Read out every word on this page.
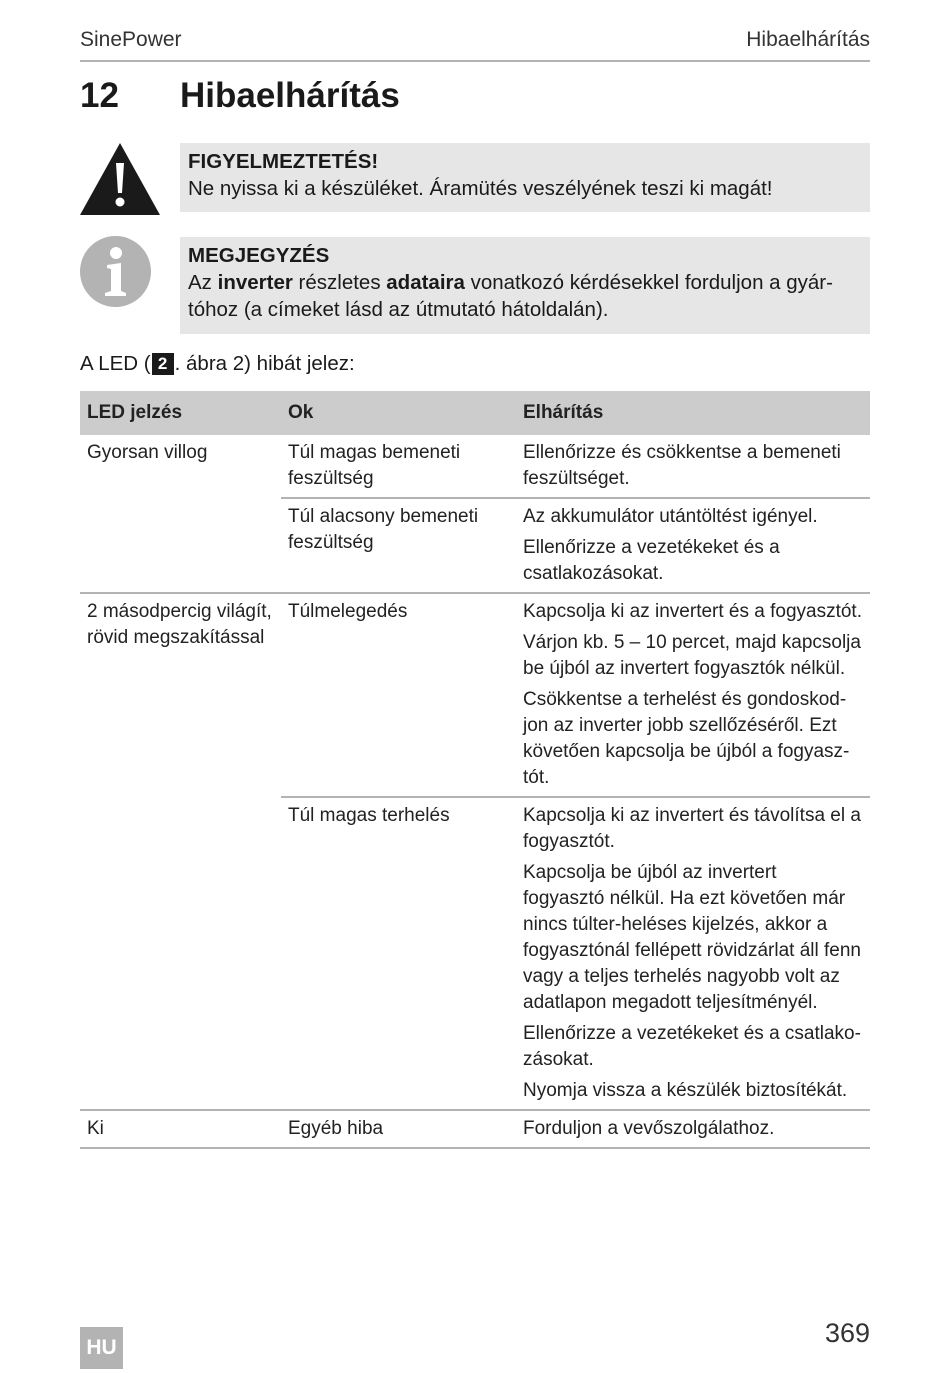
SinePower	Hibaelhárítás
12 Hibaelhárítás
FIGYELMEZTETÉS!
Ne nyissa ki a készüléket. Áramütés veszélyének teszi ki magát!
MEGJEGYZÉS
Az inverter részletes adataira vonatkozó kérdésekkel forduljon a gyár-tóhoz (a címeket lásd az útmutató hátoldalán).
A LED ( 2 . ábra 2) hibát jelez:
LED jelzés	Ok	Elhárítás
Gyorsan villog	Túl magas bemeneti feszültség	Ellenőrizze és csökkentse a bemeneti feszültséget.

	Túl alacsony bemeneti feszültség	Az akkumulátor utántöltést igényel.

Ellenőrizze a vezetékeket és a csatlakozásokat.

2 másodpercig világít, rövid megszakítással	Túlmelegedés	Kapcsolja ki az invertert és a fogyasztót.

Várjon kb. 5 – 10 percet, majd kapcsolja be újból az invertert fogyasztók nélkül.

Csökkentse a terhelést és gondoskod-jon az inverter jobb szellőzéséről. Ezt követően kapcsolja be újból a fogyasz-tót.

	Túl magas terhelés	Kapcsolja ki az invertert és távolítsa el a fogyasztót.

Kapcsolja be újból az invertert fogyasztó nélkül. Ha ezt követően már nincs túlter-heléses kijelzés, akkor a fogyasztónál fellépett rövidzárlat áll fenn vagy a teljes terhelés nagyobb volt az adatlapon megadott teljesítményél.

Ellenőrizze a vezetékeket és a csatlako-zásokat.

Nyomja vissza a készülék biztosítékát.

Ki	Egyéb hiba	Forduljon a vevőszolgálathoz.

HU	369
